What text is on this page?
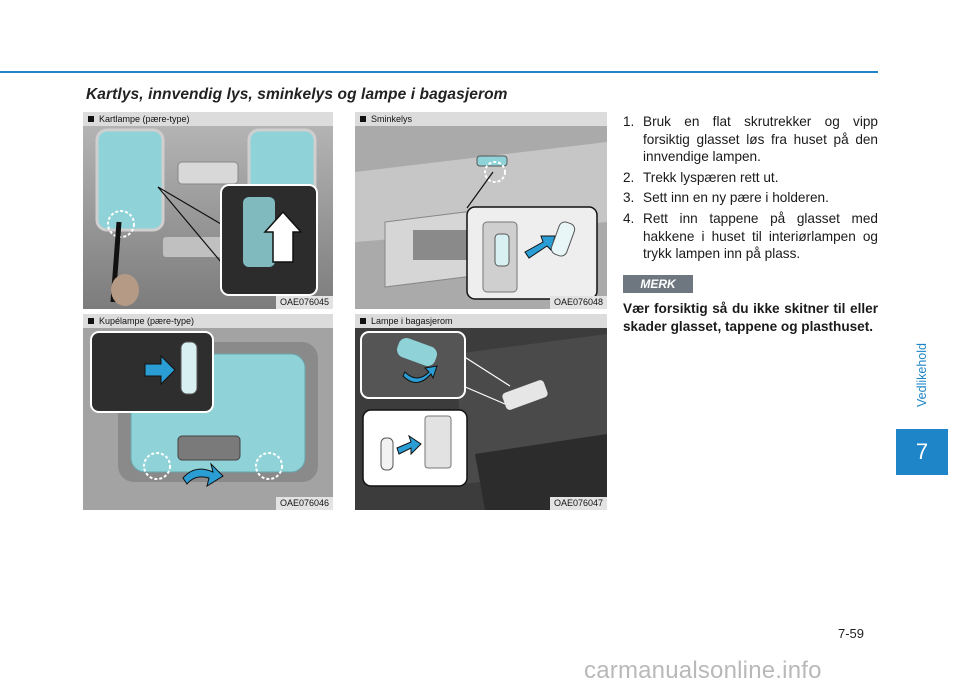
Kartlys, innvendig lys, sminkelys og lampe i bagasjerom
Kartlampe (pære-type)
OAE076045
Sminkelys
OAE076048
Kupélampe (pære-type)
OAE076046
Lampe i bagasjerom
OAE076047
1. Bruk en flat skrutrekker og vipp forsiktig glasset løs fra huset på den innvendige lampen.
2. Trekk lyspæren rett ut.
3. Sett inn en ny pære i holderen.
4. Rett inn tappene på glasset med hakkene i huset til interiørlampen og trykk lampen inn på plass.
MERK
Vær forsiktig så du ikke skitner til eller skader glasset, tappene og plasthuset.
Vedlikehold
7
7-59
carmanualsonline.info
